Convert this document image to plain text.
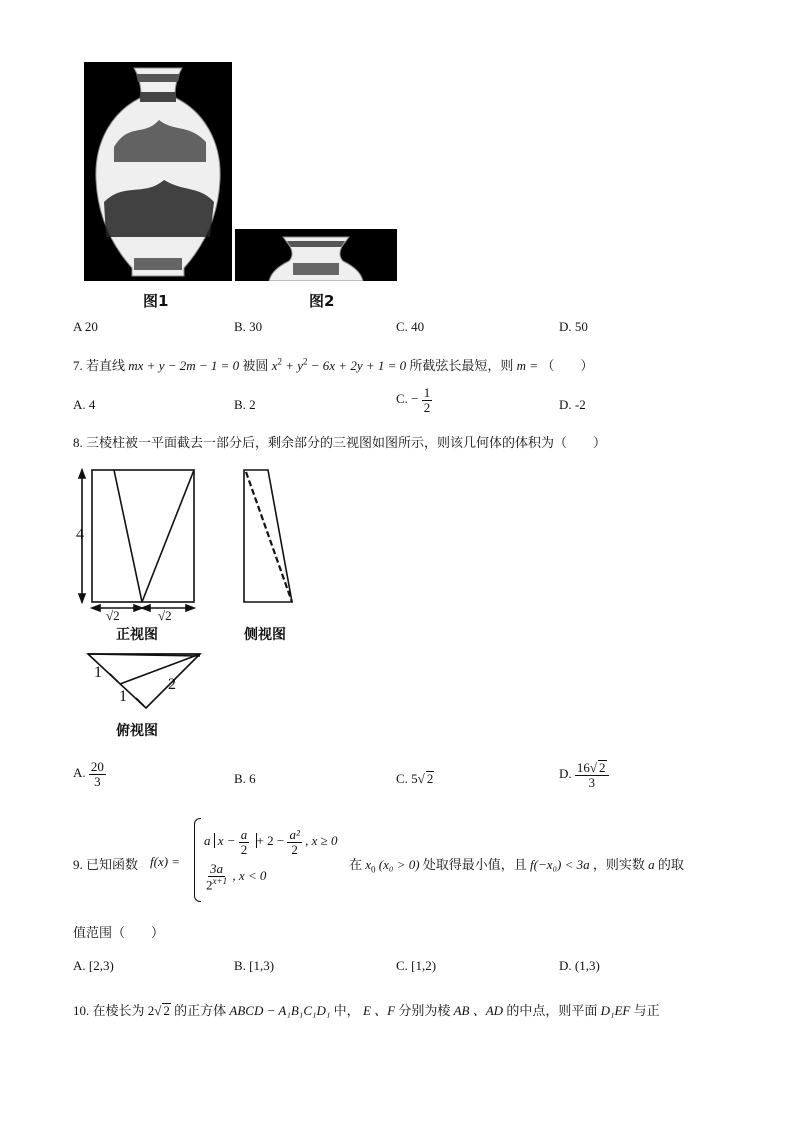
图1	图2
A 20	B. 30	C. 40	D. 50
7. 若直线 mx + y − 2m − 1 = 0 被圆 $x^2 + y^2 - 6x + 2y + 1 = 0$ 所截弦长最短，则 m = （　　）
A. 4	B. 2	C. − $\frac{1}{2}$	D. -2
8. 三棱柱被一平面截去一部分后，剩余部分的三视图如图所示，则该几何体的体积为（　　）
4
√2	√2
1
1
2
正视图	侧视图
俯视图
A. $\frac{20}{3}$	B. 6	C. 5√ 2	D. $\frac{16√ 2}{3}$
9. 已知函数 f(x) =
a $x - \frac{a}{2} + 2 - \frac{\text{a²}}{2}$ , x ≥ 0
$\frac{3a}{2^{x+1}}$ , x < 0
在 $x_0$ (x₀ > 0) 处取得最小值，且 f(−x₀) < 3a ，则实数 a 的取
值范围（　　）
A. [2,3)	B. [1,3)	C. [1,2)	D. (1,3)
10. 在棱长为 2√ 2 的正方体 ABCD − A₁B₁C₁D₁ 中， E 、F 分别为棱 AB 、AD 的中点，则平面 D₁EF 与正
